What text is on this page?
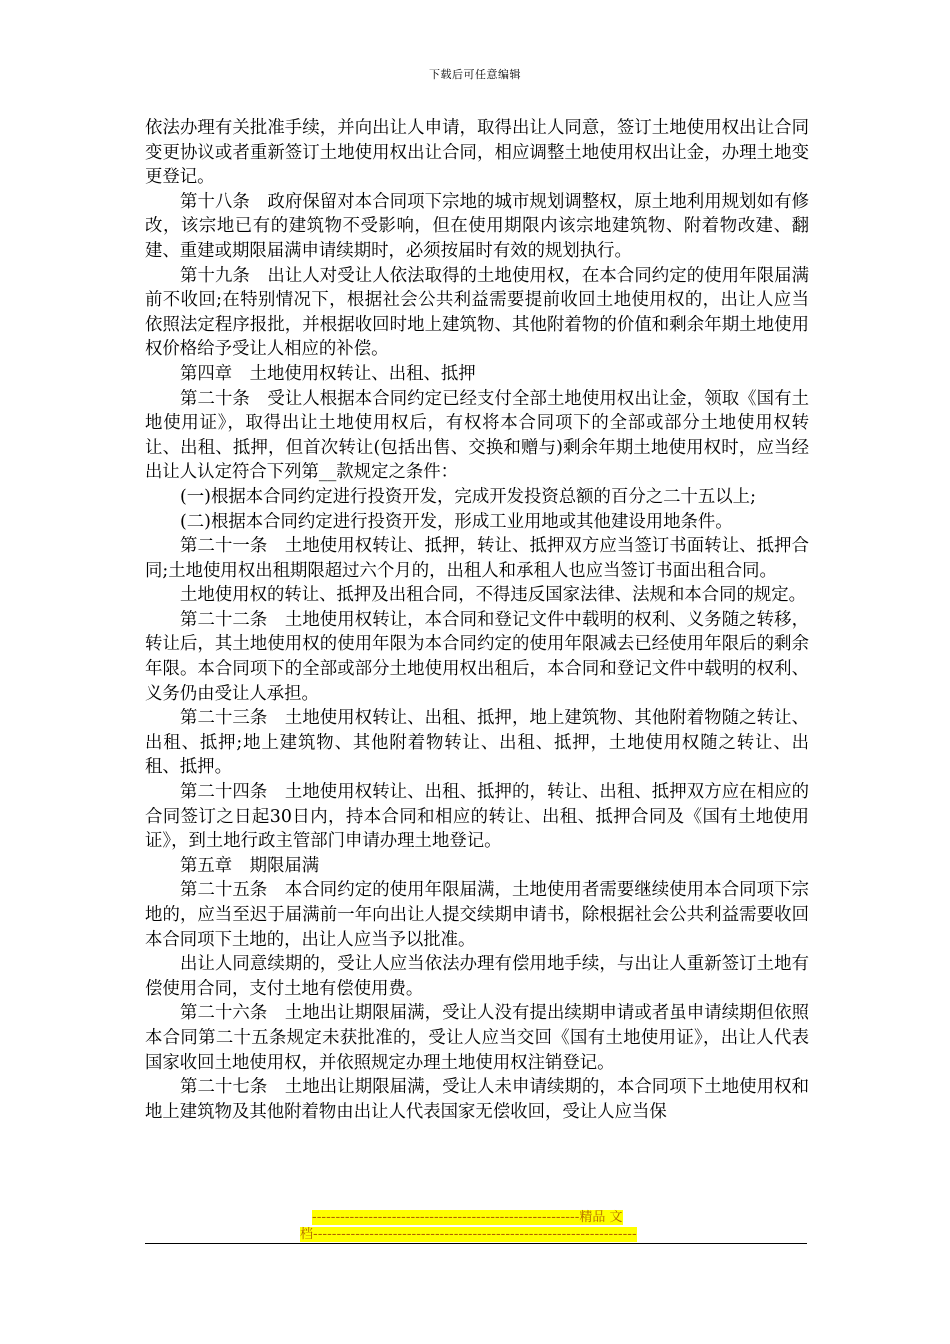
下载后可任意编辑

依法办理有关批准手续，并向出让人申请，取得出让人同意，签订土地使用权出让合同变更协议或者重新签订土地使用权出让合同，相应调整土地使用权出让金，办理土地变更登记。

第十八条　政府保留对本合同项下宗地的城市规划调整权，原土地利用规划如有修改，该宗地已有的建筑物不受影响，但在使用期限内该宗地建筑物、附着物改建、翻建、重建或期限届满申请续期时，必须按届时有效的规划执行。

第十九条　出让人对受让人依法取得的土地使用权，在本合同约定的使用年限届满前不收回;在特别情况下，根据社会公共利益需要提前收回土地使用权的，出让人应当依照法定程序报批，并根据收回时地上建筑物、其他附着物的价值和剩余年期土地使用权价格给予受让人相应的补偿。

第四章　土地使用权转让、出租、抵押

第二十条　受让人根据本合同约定已经支付全部土地使用权出让金，领取《国有土地使用证》，取得出让土地使用权后，有权将本合同项下的全部或部分土地使用权转让、出租、抵押，但首次转让(包括出售、交换和赠与)剩余年期土地使用权时，应当经出让人认定符合下列第__款规定之条件：

(一)根据本合同约定进行投资开发，完成开发投资总额的百分之二十五以上;

(二)根据本合同约定进行投资开发，形成工业用地或其他建设用地条件。

第二十一条　土地使用权转让、抵押，转让、抵押双方应当签订书面转让、抵押合同;土地使用权出租期限超过六个月的，出租人和承租人也应当签订书面出租合同。

土地使用权的转让、抵押及出租合同，不得违反国家法律、法规和本合同的规定。

第二十二条　土地使用权转让，本合同和登记文件中载明的权利、义务随之转移，转让后，其土地使用权的使用年限为本合同约定的使用年限减去已经使用年限后的剩余年限。本合同项下的全部或部分土地使用权出租后，本合同和登记文件中载明的权利、义务仍由受让人承担。

第二十三条　土地使用权转让、出租、抵押，地上建筑物、其他附着物随之转让、出租、抵押;地上建筑物、其他附着物转让、出租、抵押，土地使用权随之转让、出租、抵押。

第二十四条　土地使用权转让、出租、抵押的，转让、出租、抵押双方应在相应的合同签订之日起30日内，持本合同和相应的转让、出租、抵押合同及《国有土地使用证》，到土地行政主管部门申请办理土地登记。

第五章　期限届满

第二十五条　本合同约定的使用年限届满，土地使用者需要继续使用本合同项下宗地的，应当至迟于届满前一年向出让人提交续期申请书，除根据社会公共利益需要收回本合同项下土地的，出让人应当予以批准。

出让人同意续期的，受让人应当依法办理有偿用地手续，与出让人重新签订土地有偿使用合同，支付土地有偿使用费。

第二十六条　土地出让期限届满，受让人没有提出续期申请或者虽申请续期但依照本合同第二十五条规定未获批准的，受让人应当交回《国有土地使用证》，出让人代表国家收回土地使用权，并依照规定办理土地使用权注销登记。

第二十七条　土地出让期限届满，受让人未申请续期的，本合同项下土地使用权和地上建筑物及其他附着物由出让人代表国家无偿收回，受让人应当保

---------------------------------------------------------精品 文
档---------------------------------------------------------------------
